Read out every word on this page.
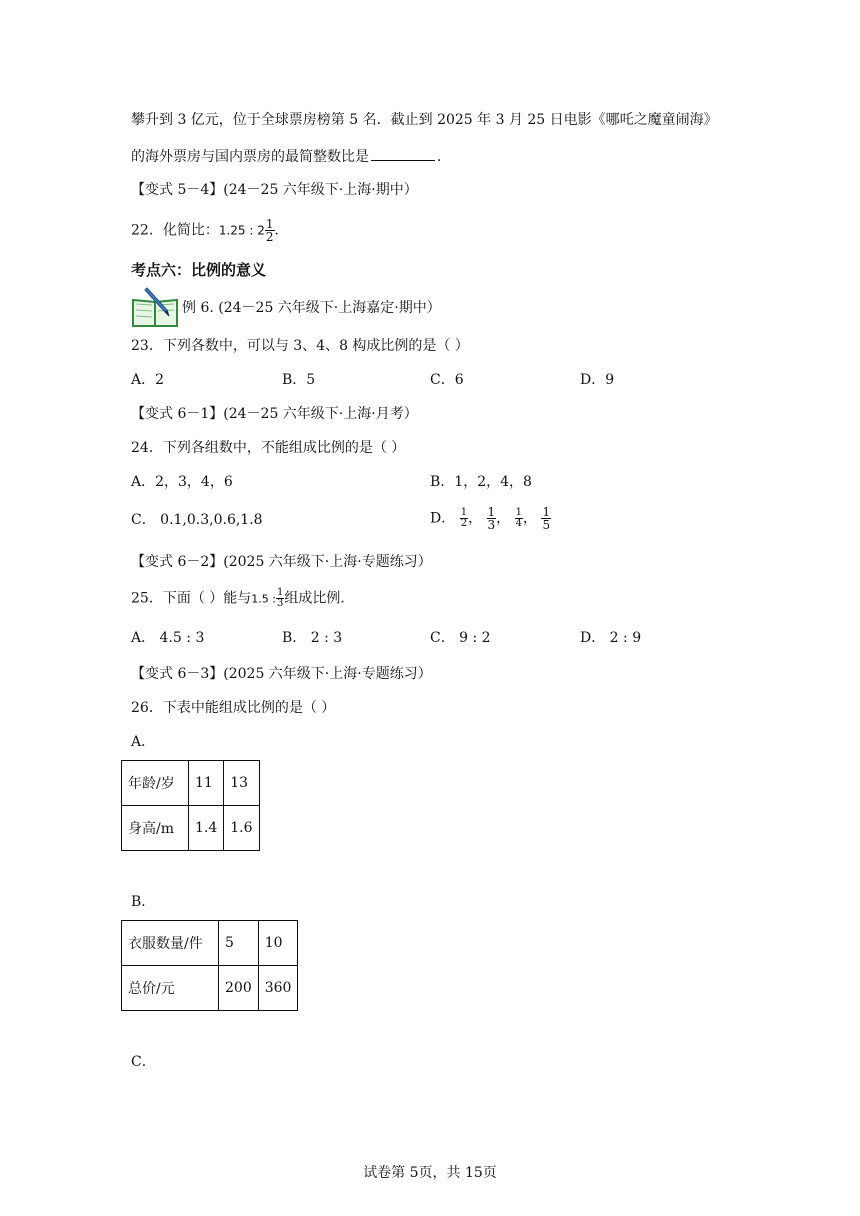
攀升到 3 亿元，位于全球票房榜第 5 名．截止到 2025 年 3 月 25 日电影《哪吒之魔童闹海》
的海外票房与国内票房的最简整数比是	．
【变式 5－4】(24－25 六年级下·上海·期中）
22．化简比：1.25 : $2 \frac{1}{2}$ ．
考点六：比例的意义
例 6. (24－25 六年级下·上海嘉定·期中）
23．下列各数中，可以与 3、4、8 构成比例的是（ ）
A．2	B．5	C．6	D．9
【变式 6－1】(24－25 六年级下·上海·月考）
24．下列各组数中，不能组成比例的是（ ）
A．2，3，4，6	B．1，2，4，8
C． 0.1,0.3,0.6,1.8	D． $\frac{1}{2}$ ， $\frac{1}{3}$ ， $\frac{1}{4}$ ， $\frac{1}{5}$
【变式 6－2】(2025 六年级下·上海·专题练习）
25．下面（ ）能与1.5 : $\frac{1}{3}$ 组成比例．
A． 4.5 : 3	B． 2 : 3	C． 9 : 2	D． 2 : 9
【变式 6－3】(2025 六年级下·上海·专题练习）
26．下表中能组成比例的是（ ）
A．
年龄/岁	11	13
身高/m	1.4	1.6
B．
衣服数量/件	5	10
总价/元	200	360
C．
试卷第 5页，共 15页
